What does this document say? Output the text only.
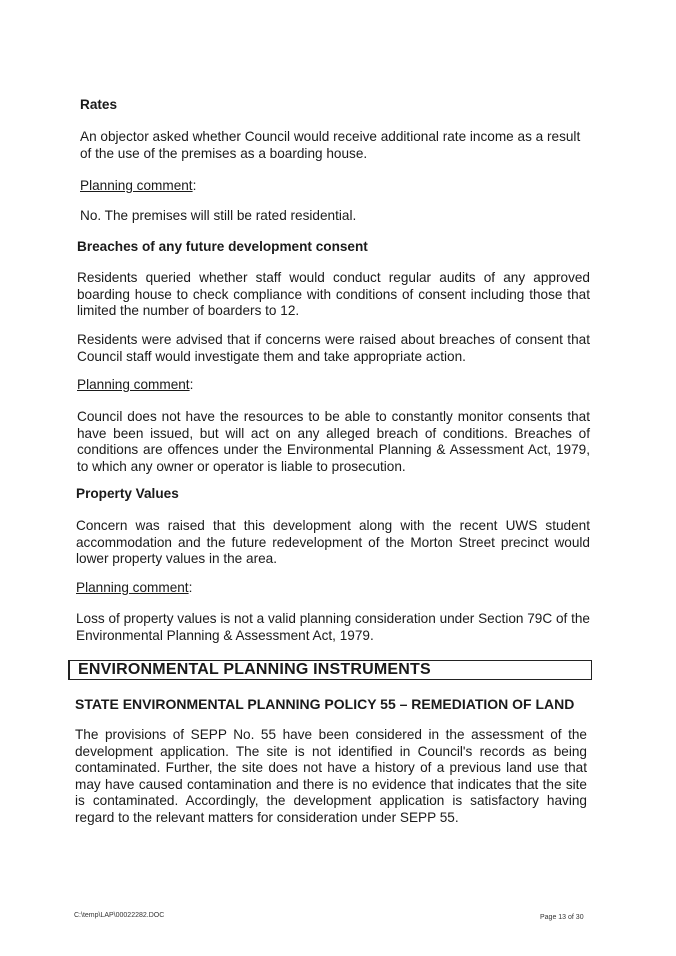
Rates
An objector asked whether Council would receive additional rate income as a result of the use of the premises as a boarding house.
Planning comment:
No. The premises will still be rated residential.
Breaches of any future development consent
Residents queried whether staff would conduct regular audits of any approved boarding house to check compliance with conditions of consent including those that limited the number of boarders to 12.
Residents were advised that if concerns were raised about breaches of consent that Council staff would investigate them and take appropriate action.
Planning comment:
Council does not have the resources to be able to constantly monitor consents that have been issued, but will act on any alleged breach of conditions. Breaches of conditions are offences under the Environmental Planning & Assessment Act, 1979, to which any owner or operator is liable to prosecution.
Property Values
Concern was raised that this development along with the recent UWS student accommodation and the future redevelopment of the Morton Street precinct would lower property values in the area.
Planning comment:
Loss of property values is not a valid planning consideration under Section 79C of the Environmental Planning & Assessment Act, 1979.
ENVIRONMENTAL PLANNING INSTRUMENTS
STATE ENVIRONMENTAL PLANNING POLICY 55 – REMEDIATION OF LAND
The provisions of SEPP No. 55 have been considered in the assessment of the development application. The site is not identified in Council's records as being contaminated. Further, the site does not have a history of a previous land use that may have caused contamination and there is no evidence that indicates that the site is contaminated. Accordingly, the development application is satisfactory having regard to the relevant matters for consideration under SEPP 55.
C:\temp\LAP\00022282.DOC	Page 13 of 30
